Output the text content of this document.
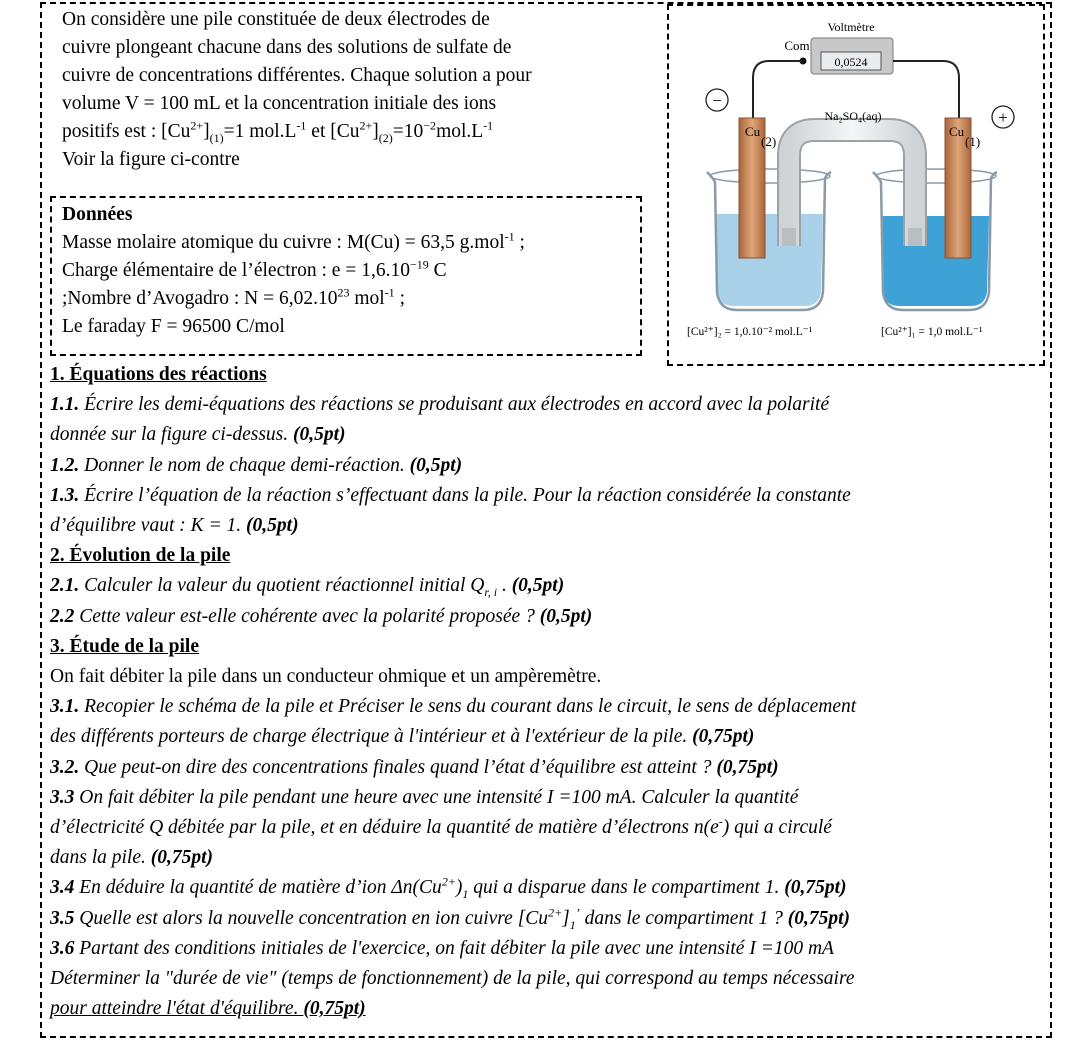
On considère une pile constituée de deux électrodes de
cuivre plongeant chacune dans des solutions de sulfate de
cuivre de concentrations différentes. Chaque solution a pour
volume V = 100 mL et la concentration initiale des ions
positifs est : $[Cu^{2+}]_{(1)}=1$ $mol.L^{-1}$ et $[Cu^{2+}]_{(2)}=10^{-2}mol.L^{-1}$
Voir la figure ci-contre
Données
Masse molaire atomique du cuivre : M(Cu) = 63,5 g.mol$^{-1}$ ;
Charge élémentaire de l’électron : $e = 1,6.10^{-19}$ C
;Nombre d’Avogadro : $N = 6,02.10^{23}$ mol$^{-1}$ ;
Le faraday F = 96500 C/mol
Voltmètre
0,0524
Com
−
+
Na₂SO₄(aq)
Cu
(2)
Cu
(1)
[Cu²⁺]₂ = 1,0.10⁻² mol.L⁻¹	[Cu²⁺]₁ = 1,0 mol.L⁻¹

1. Équations des réactions

1.1. Écrire les demi-équations des réactions se produisant aux électrodes en accord avec la polarité

donnée sur la figure ci-dessus. (0,5pt)

1.2. Donner le nom de chaque demi-réaction. (0,5pt)

1.3. Écrire l’équation de la réaction s’effectuant dans la pile. Pour la réaction considérée la constante

d’équilibre vaut : K = 1. (0,5pt)

2. Évolution de la pile

2.1. Calculer la valeur du quotient réactionnel initial $Q_{r, i}$ . (0,5pt)

2.2 Cette valeur est-elle cohérente avec la polarité proposée ? (0,5pt)

3. Étude de la pile

On fait débiter la pile dans un conducteur ohmique et un ampèremètre.

3.1. Recopier le schéma de la pile et Préciser le sens du courant dans le circuit, le sens de déplacement

des différents porteurs de charge électrique à l'intérieur et à l'extérieur de la pile. (0,75pt)

3.2. Que peut-on dire des concentrations finales quand l’état d’équilibre est atteint ? (0,75pt)

3.3 On fait débiter la pile pendant une heure avec une intensité I =100 mA. Calculer la quantité

d’électricité Q débitée par la pile, et en déduire la quantité de matière d’électrons n(e-) qui a circulé

dans la pile. (0,75pt)

3.4 En déduire la quantité de matière d’ion $\Delta n(Cu^{2+})_1$ qui a disparue dans le compartiment 1. (0,75pt)

3.5 Quelle est alors la nouvelle concentration en ion cuivre $[Cu^{2+}]_1^’$ dans le compartiment 1 ? (0,75pt)

3.6 Partant des conditions initiales de l'exercice, on fait débiter la pile avec une intensité I =100 mA

Déterminer la "durée de vie" (temps de fonctionnement) de la pile, qui correspond au temps nécessaire

pour atteindre l'état d'équilibre. (0,75pt)
